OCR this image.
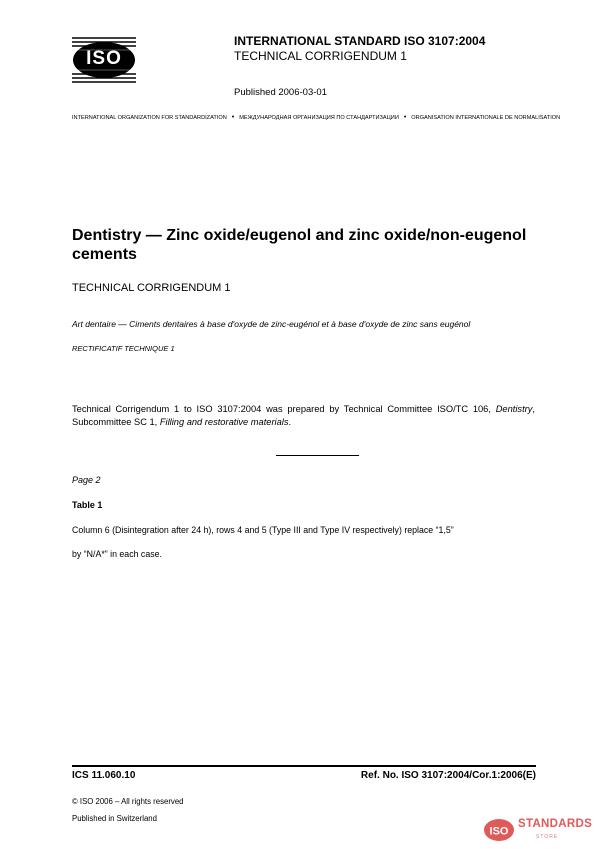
ISO
INTERNATIONAL STANDARD ISO 3107:2004
TECHNICAL CORRIGENDUM 1
Published 2006-03-01
INTERNATIONAL ORGANIZATION FOR STANDARDIZATION • МЕЖДУНАРОДНАЯ ОРГАНИЗАЦИЯ ПО СТАНДАРТИЗАЦИИ • ORGANISATION INTERNATIONALE DE NORMALISATION
Dentistry — Zinc oxide/eugenol and zinc oxide/non-eugenol cements
TECHNICAL CORRIGENDUM 1
Art dentaire — Ciments dentaires à base d'oxyde de zinc-eugénol et à base d'oxyde de zinc sans eugénol
RECTIFICATIF TECHNIQUE 1
Technical Corrigendum 1 to ISO 3107:2004 was prepared by Technical Committee ISO/TC 106, Dentistry, Subcommittee SC 1, Filling and restorative materials.
Page 2
Table 1
Column 6 (Disintegration after 24 h), rows 4 and 5 (Type III and Type IV respectively) replace “1,5”
by “N/A*” in each case.
ICS 11.060.10	Ref. No. ISO 3107:2004/Cor.1:2006(E)
© ISO 2006 – All rights reserved
Published in Switzerland
ISO
STANDARDS
STORE
